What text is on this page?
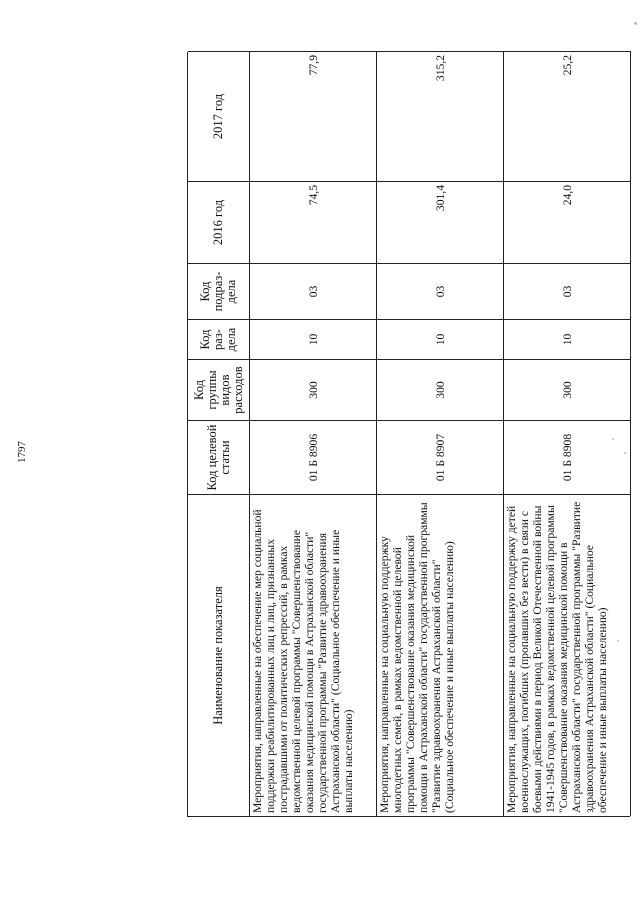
1797
Наименование показателя
Код целевой статьи
Код группы видов расходов
Код раз-дела
Код подраз-дела
2016 год
2017 год
Мероприятия, направленные на обеспечение мер социальной поддержки реабилитированных лиц и лиц, признанных пострадавшими от политических репрессий, в рамках ведомственной целевой программы "Совершенствование оказания медицинской помощи в Астраханской области" государственной программы "Развитие здравоохранения Астраханской области" (Социальное обеспечение и иные выплаты населению)
01 Б 8906
300
10
03
74,5
77,9
Мероприятия, направленные на социальную поддержку многодетных семей, в рамках ведомственной целевой программы "Совершенствование оказания медицинской помощи в Астраханской области" государственной программы "Развитие здравоохранения Астраханской области" (Социальное обеспечение и иные выплаты населению)
01 Б 8907
300
10
03
301,4
315,2
Мероприятия, направленные на социальную поддержку детей военнослужащих, погибших (пропавших без вести) в связи с боевыми действиями в период Великой Отечественной войны 1941-1945 годов, в рамках ведомственной целевой программы "Совершенствование оказания медицинской помощи в Астраханской области" государственной программы "Развитие здравоохранения Астраханской области" (Социальное обеспечение и иные выплаты населению)
01 Б 8908
300
10
03
24,0
25,2
